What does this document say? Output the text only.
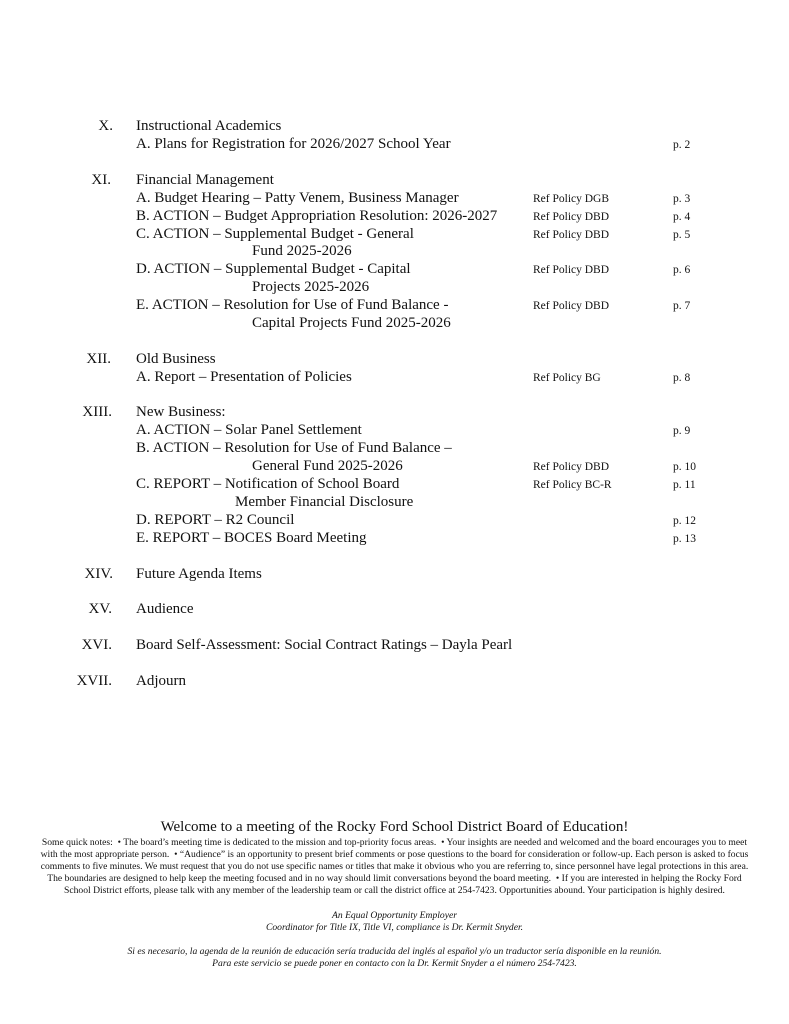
X. Instructional Academics
A. Plans for Registration for 2026/2027 School Year	p. 2
XI. Financial Management
A. Budget Hearing – Patty Venem, Business Manager	Ref Policy DGB	p. 3
B. ACTION – Budget Appropriation Resolution: 2026-2027	Ref Policy DBD	p. 4
C. ACTION – Supplemental Budget - General	Ref Policy DBD	p. 5
Fund 2025-2026
D. ACTION – Supplemental Budget - Capital	Ref Policy DBD	p. 6
Projects 2025-2026
E. ACTION – Resolution for Use of Fund Balance -	Ref Policy DBD	p. 7
Capital Projects Fund 2025-2026
XII. Old Business
A. Report – Presentation of Policies	Ref Policy BG	p. 8
XIII. New Business:
A. ACTION – Solar Panel Settlement	p. 9
B. ACTION – Resolution for Use of Fund Balance –
General Fund 2025-2026	Ref Policy DBD	p. 10
C. REPORT – Notification of School Board	Ref Policy BC-R	p. 11
Member Financial Disclosure
D. REPORT – R2 Council	p. 12
E. REPORT – BOCES Board Meeting	p. 13
XIV. Future Agenda Items
XV. Audience
XVI. Board Self-Assessment: Social Contract Ratings – Dayla Pearl
XVII. Adjourn
Welcome to a meeting of the Rocky Ford School District Board of Education!
Some quick notes: • The board’s meeting time is dedicated to the mission and top-priority focus areas. • Your insights are needed and welcomed and the board encourages you to meet with the most appropriate person. • “Audience” is an opportunity to present brief comments or pose questions to the board for consideration or follow-up. Each person is asked to focus comments to five minutes. We must request that you do not use specific names or titles that make it obvious who you are referring to, since personnel have legal protections in this area. The boundaries are designed to help keep the meeting focused and in no way should limit conversations beyond the board meeting. • If you are interested in helping the Rocky Ford School District efforts, please talk with any member of the leadership team or call the district office at 254-7423. Opportunities abound. Your participation is highly desired.
An Equal Opportunity Employer
Coordinator for Title IX, Title VI, compliance is Dr. Kermit Snyder.
Si es necesario, la agenda de la reunión de educación sería traducida del inglés al español y/o un traductor sería disponible en la reunión.
Para este servicio se puede poner en contacto con la Dr. Kermit Snyder a el número 254-7423.
